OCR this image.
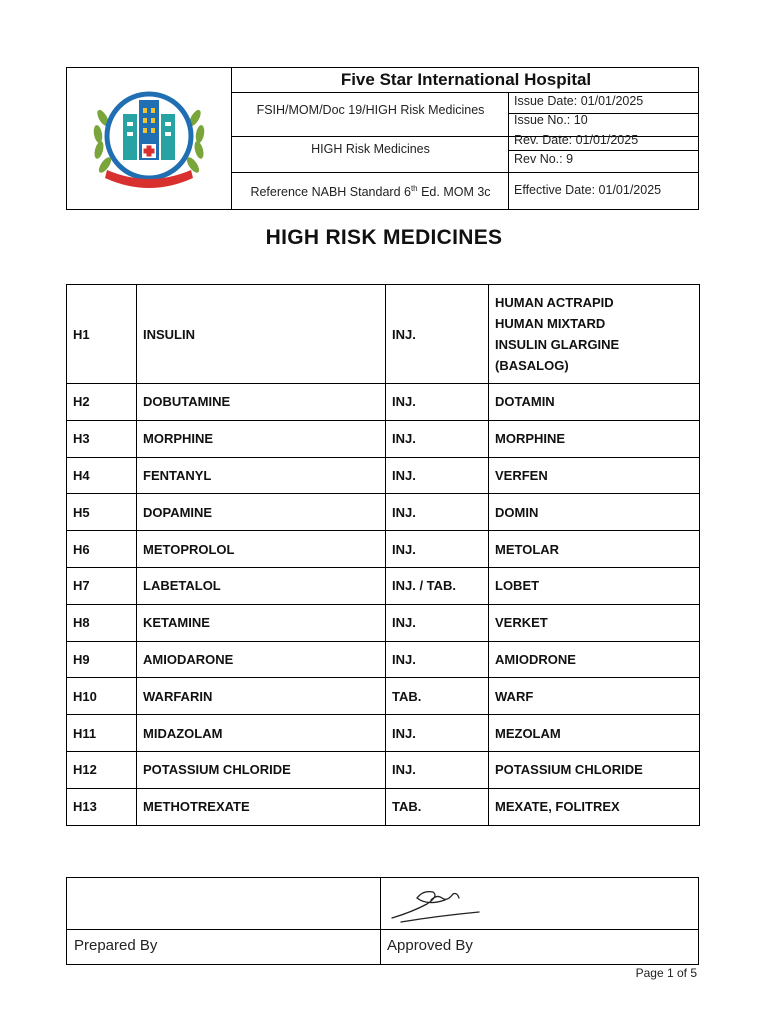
Five Star International Hospital
FSIH/MOM/Doc 19/HIGH Risk Medicines
HIGH Risk Medicines
Reference NABH Standard 6th Ed. MOM 3c
Issue Date: 01/01/2025
Issue No.: 10
Rev. Date: 01/01/2025
Rev No.: 9
Effective Date: 01/01/2025
HIGH RISK MEDICINES
H1	INSULIN	INJ.	HUMAN ACTRAPID
HUMAN MIXTARD
INSULIN GLARGINE
(BASALOG)

H2	DOBUTAMINE	INJ.	DOTAMIN

H3	MORPHINE	INJ.	MORPHINE

H4	FENTANYL	INJ.	VERFEN

H5	DOPAMINE	INJ.	DOMIN

H6	METOPROLOL	INJ.	METOLAR

H7	LABETALOL	INJ. / TAB.	LOBET

H8	KETAMINE	INJ.	VERKET

H9	AMIODARONE	INJ.	AMIODRONE

H10	WARFARIN	TAB.	WARF

H11	MIDAZOLAM	INJ.	MEZOLAM

H12	POTASSIUM CHLORIDE	INJ.	POTASSIUM CHLORIDE

H13	METHOTREXATE	TAB.	MEXATE, FOLITREX
Prepared By	Approved By
Page 1 of 5
